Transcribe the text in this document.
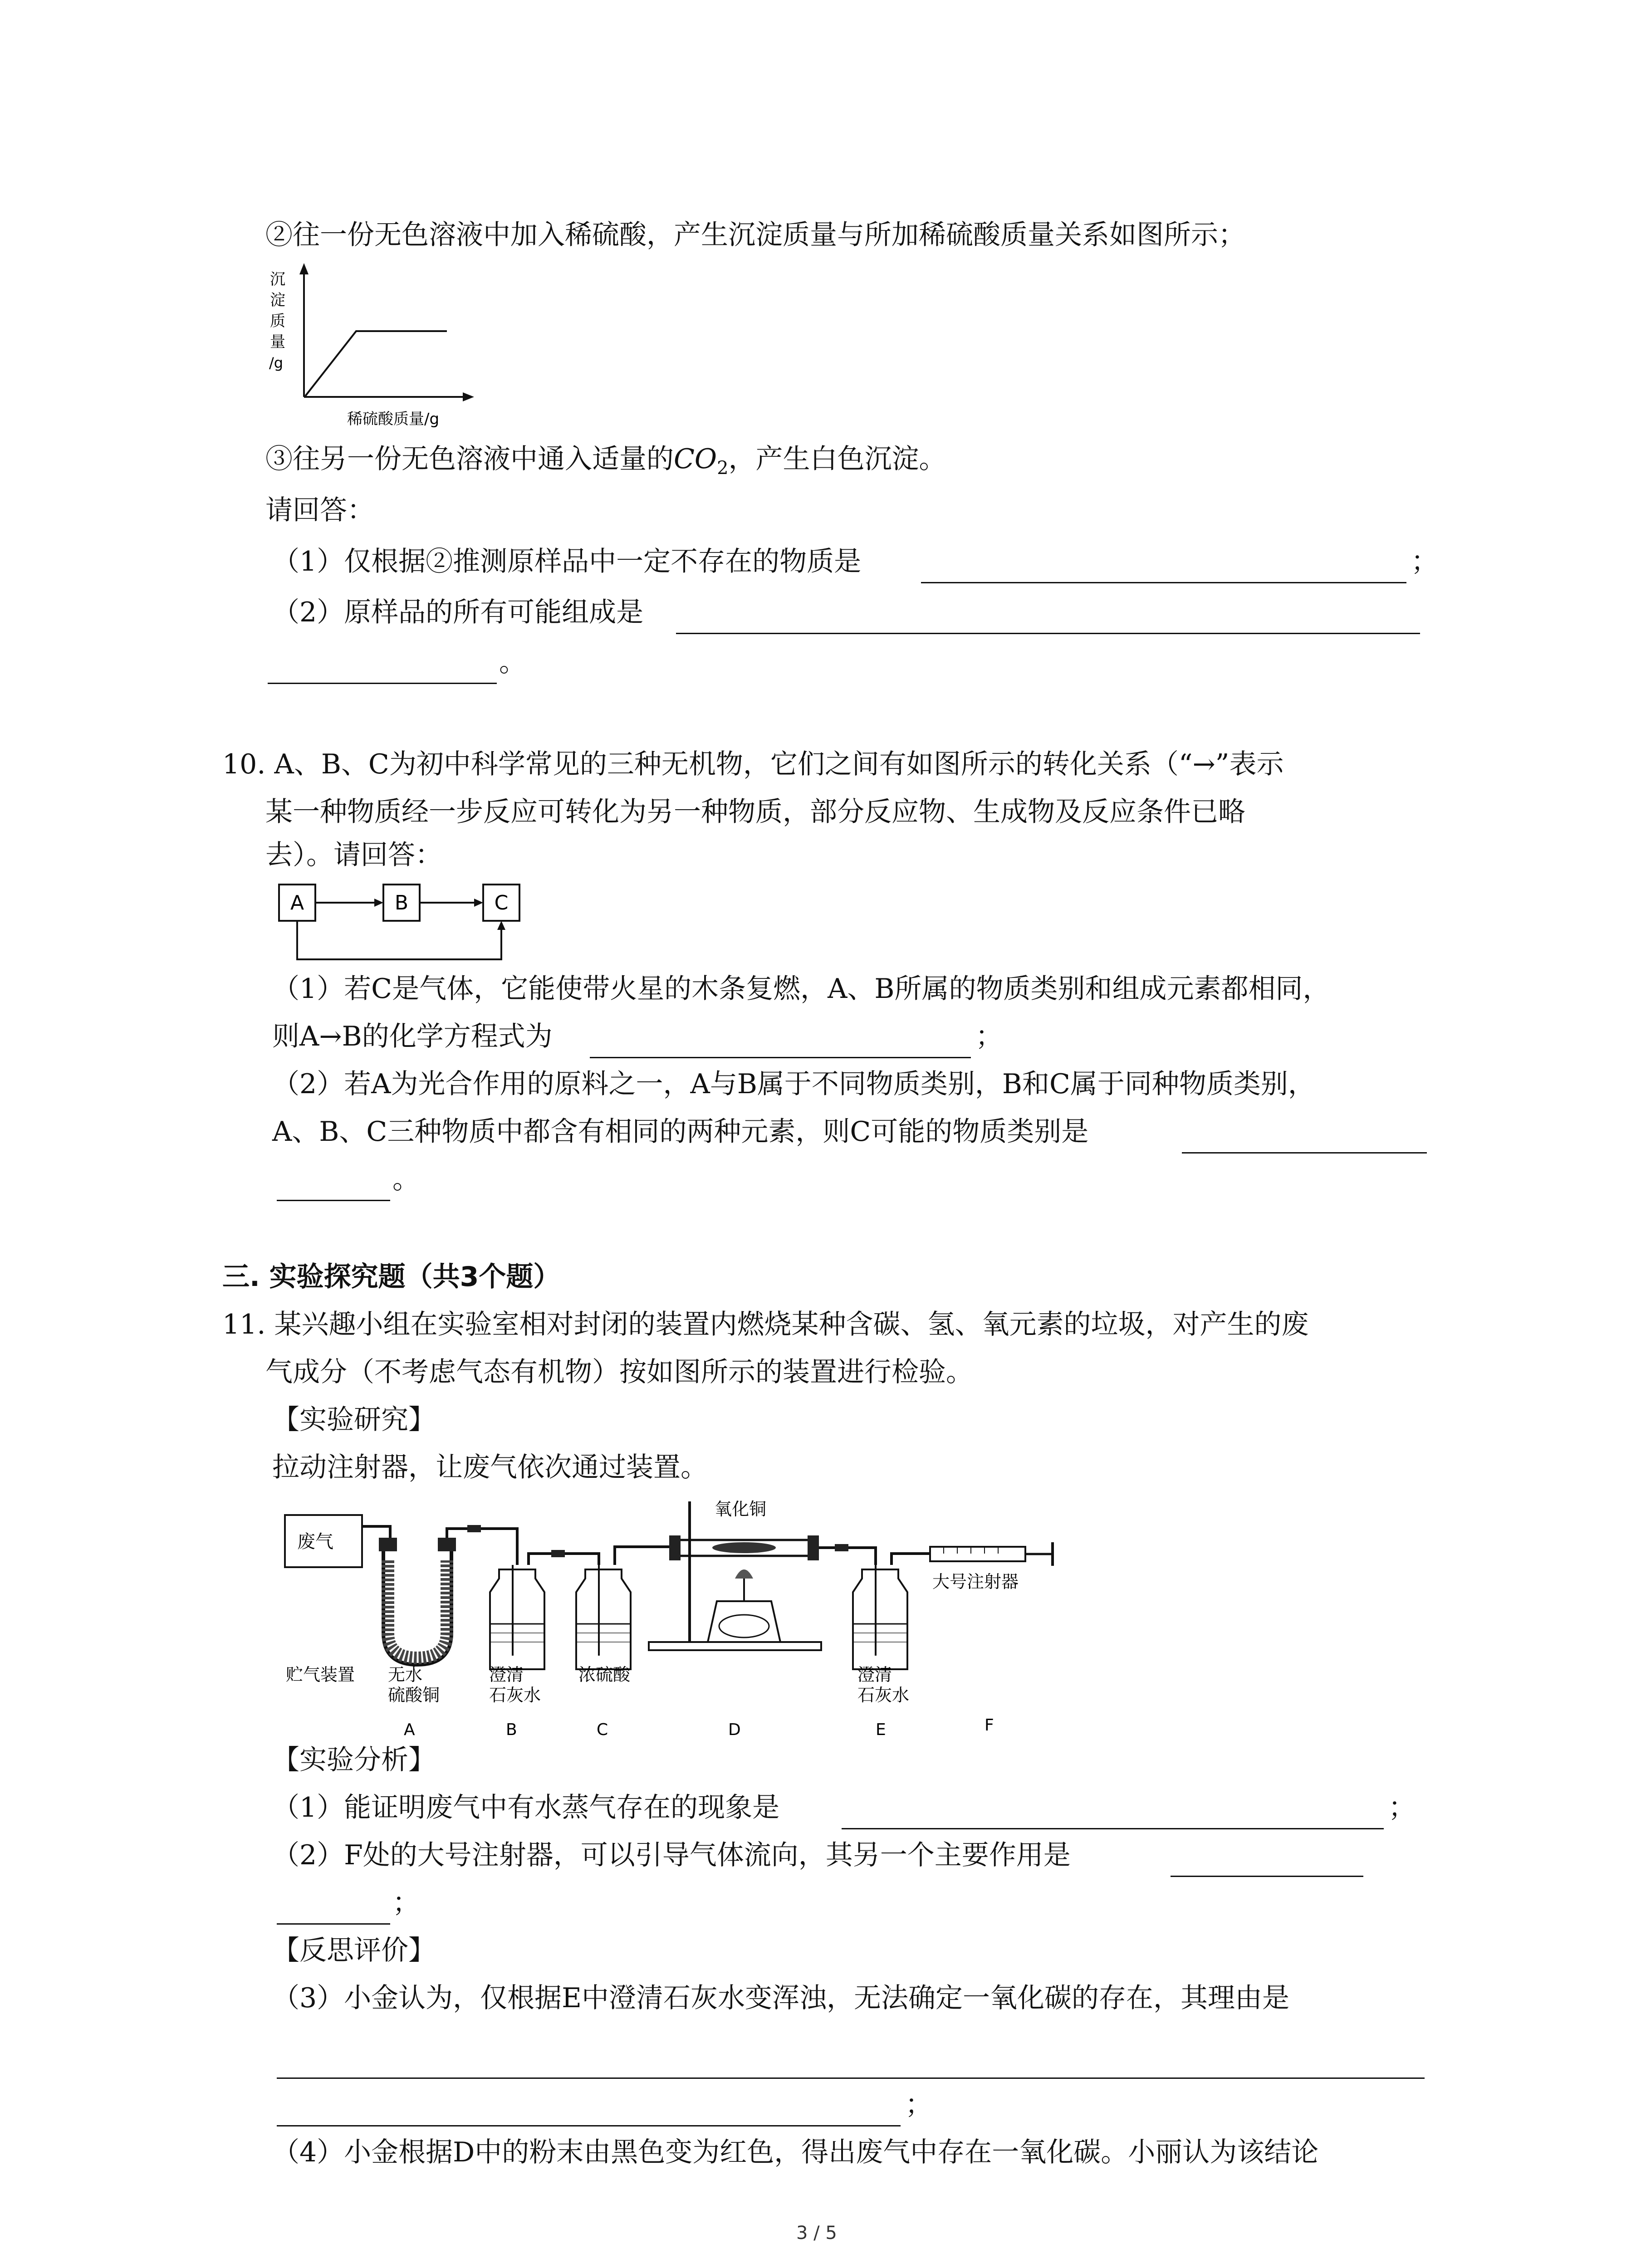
②往一份无色溶液中加入稀硫酸，产生沉淀质量与所加稀硫酸质量关系如图所示；
沉
淀
质
量
/g
稀硫酸质量/g
③往另一份无色溶液中通入适量的$CO_2$，产生白色沉淀。
请回答：
（1）仅根据②推测原样品中一定不存在的物质是	；
（2）原样品的所有可能组成是
。
10. A、B、C为初中科学常见的三种无机物，它们之间有如图所示的转化关系（“→”表示
某一种物质经一步反应可转化为另一种物质，部分反应物、生成物及反应条件已略
去）。请回答：
A	B	C
（1）若C是气体，它能使带火星的木条复燃，A、B所属的物质类别和组成元素都相同，
则A→B的化学方程式为	；
（2）若A为光合作用的原料之一，A与B属于不同物质类别，B和C属于同种物质类别，
A、B、C三种物质中都含有相同的两种元素，则C可能的物质类别是
。
三. 实验探究题（共3个题）
11. 某兴趣小组在实验室相对封闭的装置内燃烧某种含碳、氢、氧元素的垃圾，对产生的废
气成分（不考虑气态有机物）按如图所示的装置进行检验。
【实验研究】
拉动注射器，让废气依次通过装置。
废气
氧化铜
大号注射器
贮气装置 无水
硫酸铜
澄清
石灰水
浓硫酸	澄清
石灰水
A	B	C	D	E	F
【实验分析】
（1）能证明废气中有水蒸气存在的现象是	；
（2）F处的大号注射器，可以引导气体流向，其另一个主要作用是
；
【反思评价】
（3）小金认为，仅根据E中澄清石灰水变浑浊，无法确定一氧化碳的存在，其理由是
；
（4）小金根据D中的粉末由黑色变为红色，得出废气中存在一氧化碳。小丽认为该结论
3 / 5
